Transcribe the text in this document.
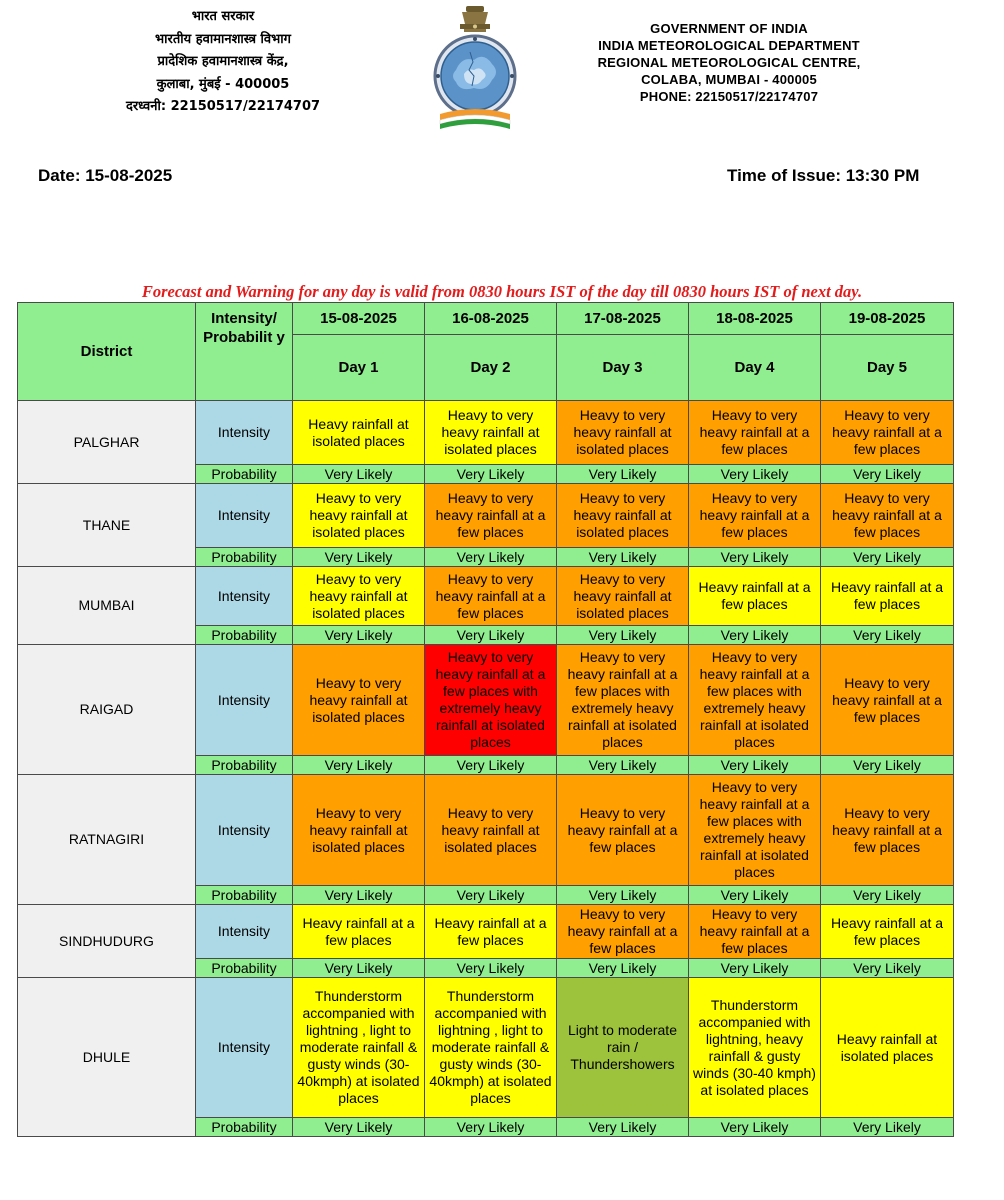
भारत सरकार
भारतीय हवामानशास्त्र विभाग
प्रादेशिक हवामानशास्त्र केंद्र,
कुलाबा, मुंबई - 400005
दरध्वनी: 22150517/22174707
GOVERNMENT OF INDIA
INDIA METEOROLOGICAL DEPARTMENT
REGIONAL METEOROLOGICAL CENTRE,
COLABA, MUMBAI - 400005
PHONE: 22150517/22174707
Date: 15-08-2025	Time of Issue: 13:30 PM
Forecast and Warning for any day is valid from 0830 hours IST of the day till 0830 hours IST of next day.
District	Intensity/ Probabilit y	15-08-2025	16-08-2025	17-08-2025	18-08-2025	19-08-2025
		Day 1	Day 2	Day 3	Day 4	Day 5
PALGHAR	Intensity	Heavy rainfall at isolated places	Heavy to very heavy rainfall at isolated places	Heavy to very heavy rainfall at isolated places	Heavy to very heavy rainfall at a few places	Heavy to very heavy rainfall at a few places
	Probability	Very Likely	Very Likely	Very Likely	Very Likely	Very Likely
THANE	Intensity	Heavy to very heavy rainfall at isolated places	Heavy to very heavy rainfall at a few places	Heavy to very heavy rainfall at isolated places	Heavy to very heavy rainfall at a few places	Heavy to very heavy rainfall at a few places
	Probability	Very Likely	Very Likely	Very Likely	Very Likely	Very Likely
MUMBAI	Intensity	Heavy to very heavy rainfall at isolated places	Heavy to very heavy rainfall at a few places	Heavy to very heavy rainfall at isolated places	Heavy rainfall at a few places	Heavy rainfall at a few places
	Probability	Very Likely	Very Likely	Very Likely	Very Likely	Very Likely
RAIGAD	Intensity	Heavy to very heavy rainfall at isolated places	Heavy to very heavy rainfall at a few places with extremely heavy rainfall at isolated places	Heavy to very heavy rainfall at a few places with extremely heavy rainfall at isolated places	Heavy to very heavy rainfall at a few places with extremely heavy rainfall at isolated places	Heavy to very heavy rainfall at a few places
	Probability	Very Likely	Very Likely	Very Likely	Very Likely	Very Likely
RATNAGIRI	Intensity	Heavy to very heavy rainfall at isolated places	Heavy to very heavy rainfall at isolated places	Heavy to very heavy rainfall at a few places	Heavy to very heavy rainfall at a few places with extremely heavy rainfall at isolated places	Heavy to very heavy rainfall at a few places
	Probability	Very Likely	Very Likely	Very Likely	Very Likely	Very Likely
SINDHUDURG	Intensity	Heavy rainfall at a few places	Heavy rainfall at a few places	Heavy to very heavy rainfall at a few places	Heavy to very heavy rainfall at a few places	Heavy rainfall at a few places
	Probability	Very Likely	Very Likely	Very Likely	Very Likely	Very Likely
DHULE	Intensity	Thunderstorm accompanied with lightning , light to moderate rainfall & gusty winds (30-40kmph) at isolated places	Thunderstorm accompanied with lightning , light to moderate rainfall & gusty winds (30-40kmph) at isolated places	Light to moderate rain / Thundershowers	Thunderstorm accompanied with lightning, heavy rainfall & gusty winds (30-40 kmph) at isolated places	Heavy rainfall at isolated places
	Probability	Very Likely	Very Likely	Very Likely	Very Likely	Very Likely
